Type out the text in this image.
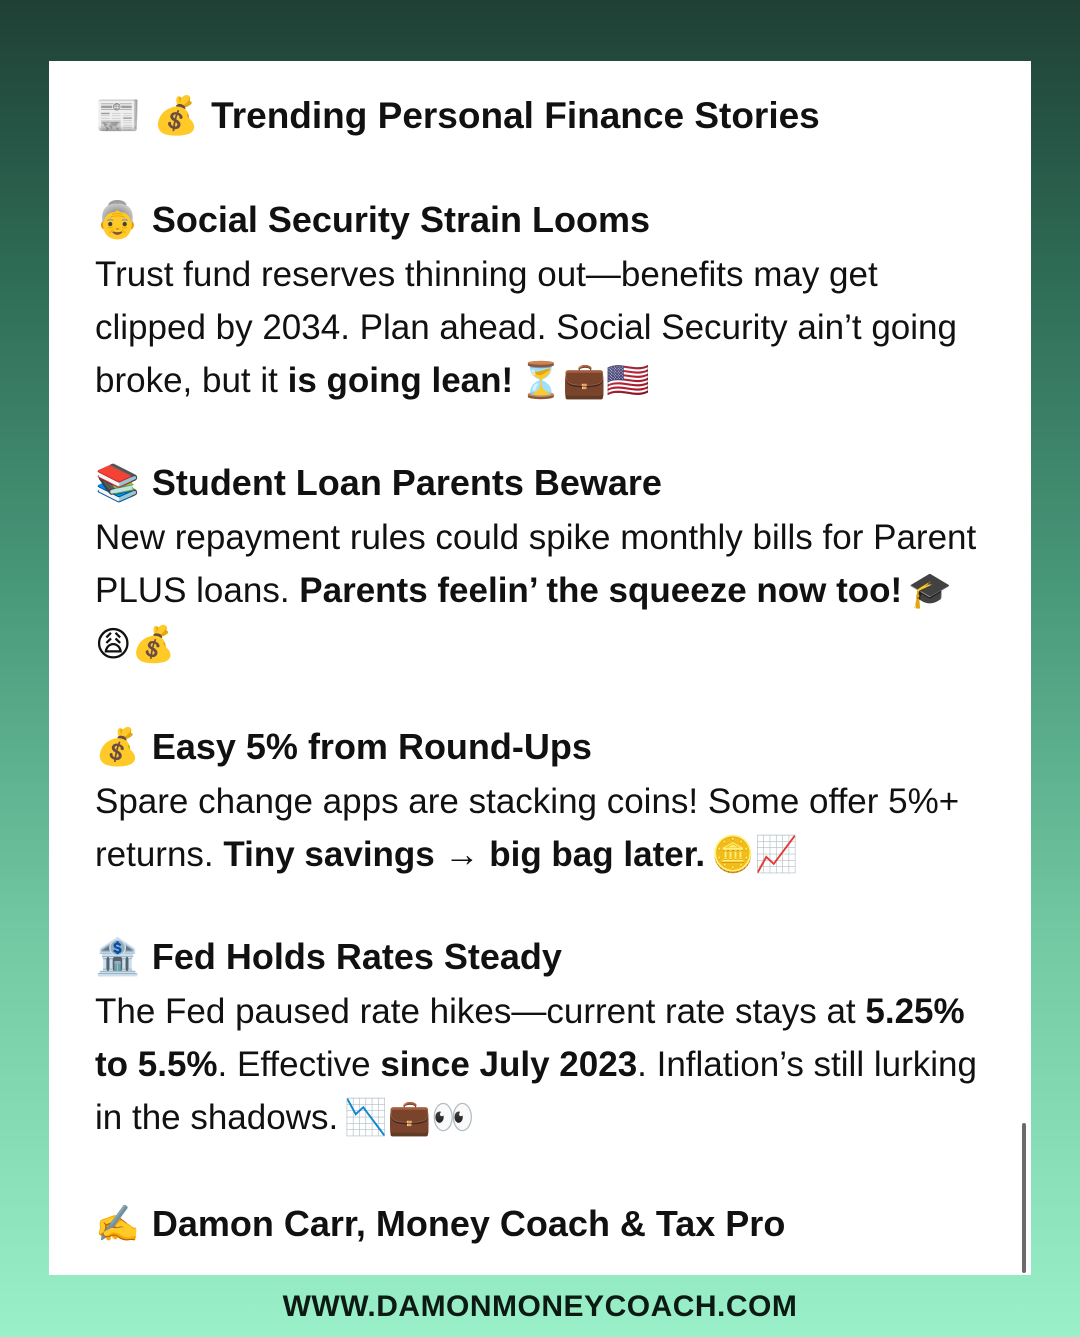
📰 💰 Trending Personal Finance Stories
👵 Social Security Strain Looms

Trust fund reserves thinning out—benefits may get clipped by 2034. Plan ahead. Social Security ain’t going broke, but it is going lean! ⏳💼🇺🇸

📚 Student Loan Parents Beware

New repayment rules could spike monthly bills for Parent PLUS loans. Parents feelin’ the squeeze now too! 🎓😩💰

💰 Easy 5% from Round-Ups

Spare change apps are stacking coins! Some offer 5%+ returns. Tiny savings → big bag later. 🪙📈

🏦 Fed Holds Rates Steady

The Fed paused rate hikes—current rate stays at 5.25% to 5.5%. Effective since July 2023. Inflation’s still lurking in the shadows. 📉💼👀

✍️ Damon Carr, Money Coach & Tax Pro
WWW.DAMONMONEYCOACH.COM
